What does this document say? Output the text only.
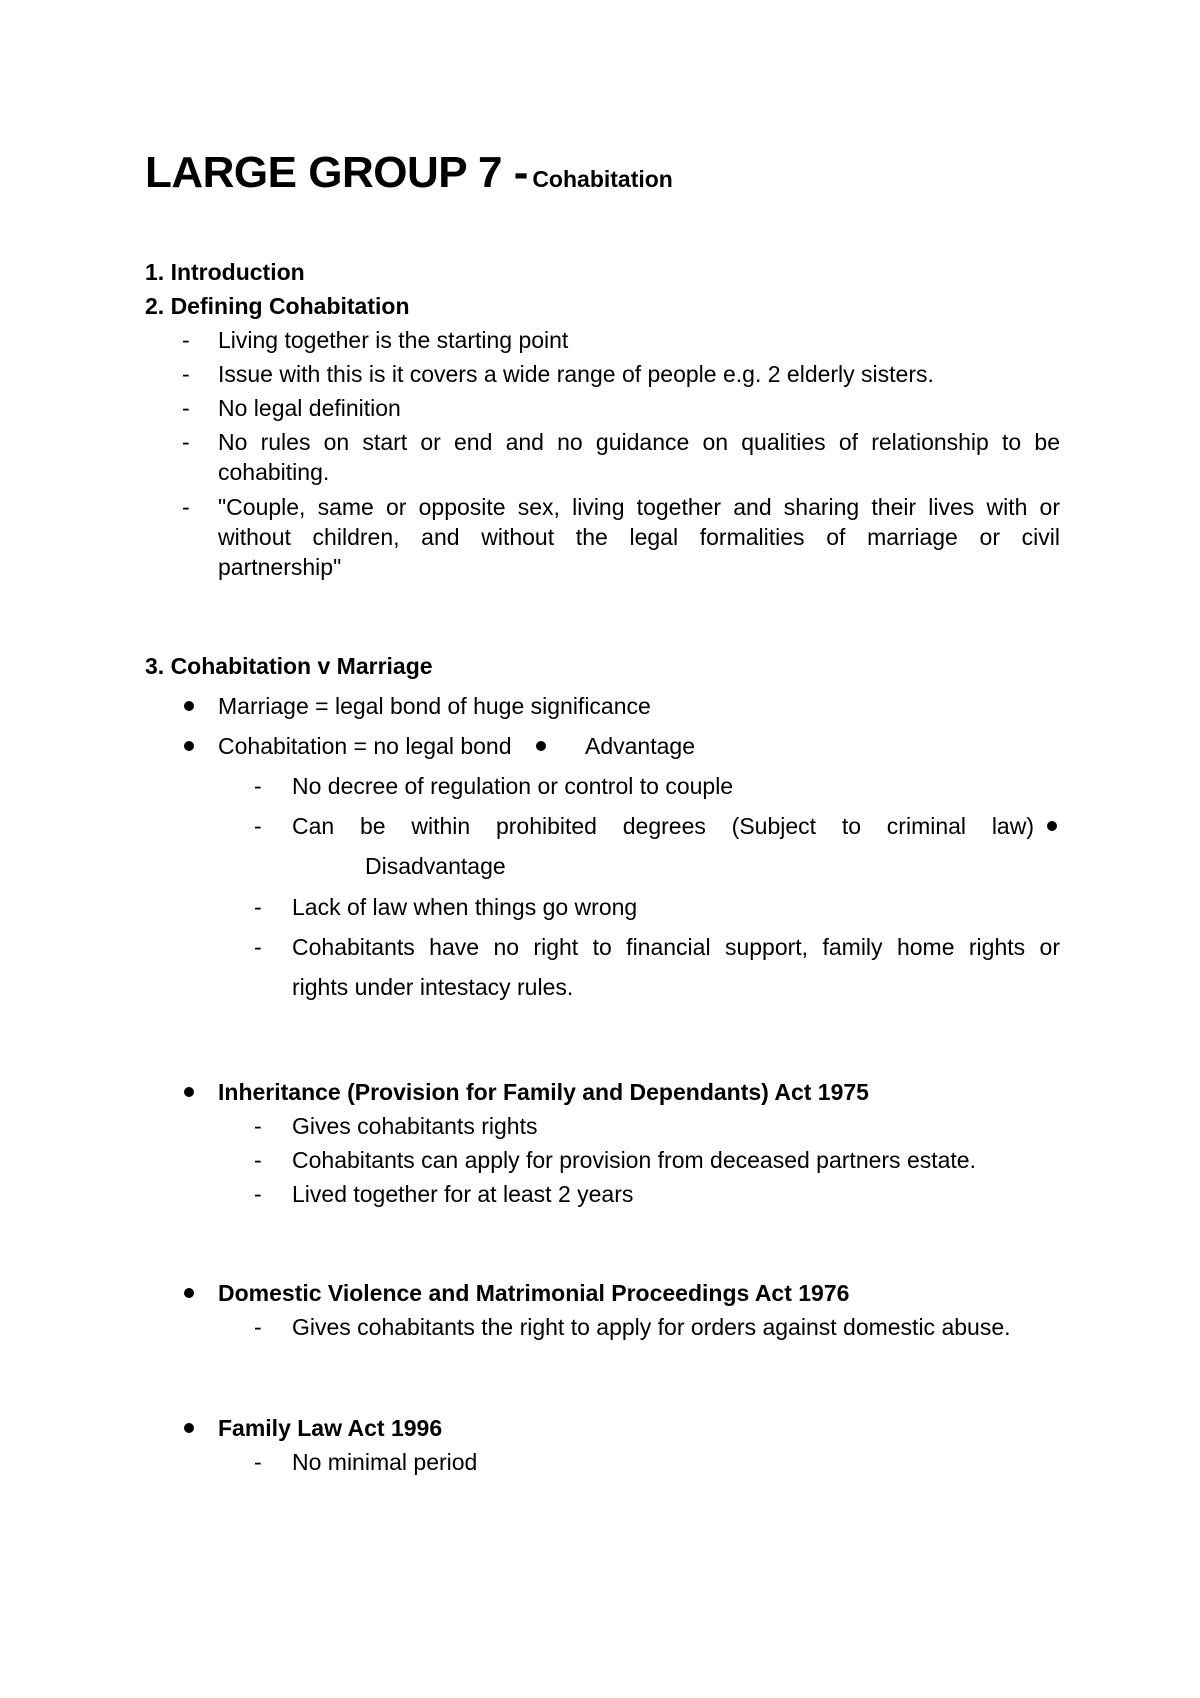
LARGE GROUP 7 - Cohabitation
1. Introduction
2. Defining Cohabitation
- Living together is the starting point
- Issue with this is it covers a wide range of people e.g. 2 elderly sisters.
- No legal definition
- No rules on start or end and no guidance on qualities of relationship to be
cohabiting.
- "Couple, same or opposite sex, living together and sharing their lives with or
without children, and without the legal formalities of marriage or civil
partnership"
3. Cohabitation v Marriage
Marriage = legal bond of huge significance
Cohabitation = no legal bond	Advantage
- No decree of regulation or control to couple
- Can be within prohibited degrees (Subject to criminal law)
Disadvantage
- Lack of law when things go wrong
- Cohabitants have no right to financial support, family home rights or
rights under intestacy rules.
Inheritance (Provision for Family and Dependants) Act 1975
- Gives cohabitants rights
- Cohabitants can apply for provision from deceased partners estate.
- Lived together for at least 2 years
Domestic Violence and Matrimonial Proceedings Act 1976
- Gives cohabitants the right to apply for orders against domestic abuse.
Family Law Act 1996
- No minimal period
